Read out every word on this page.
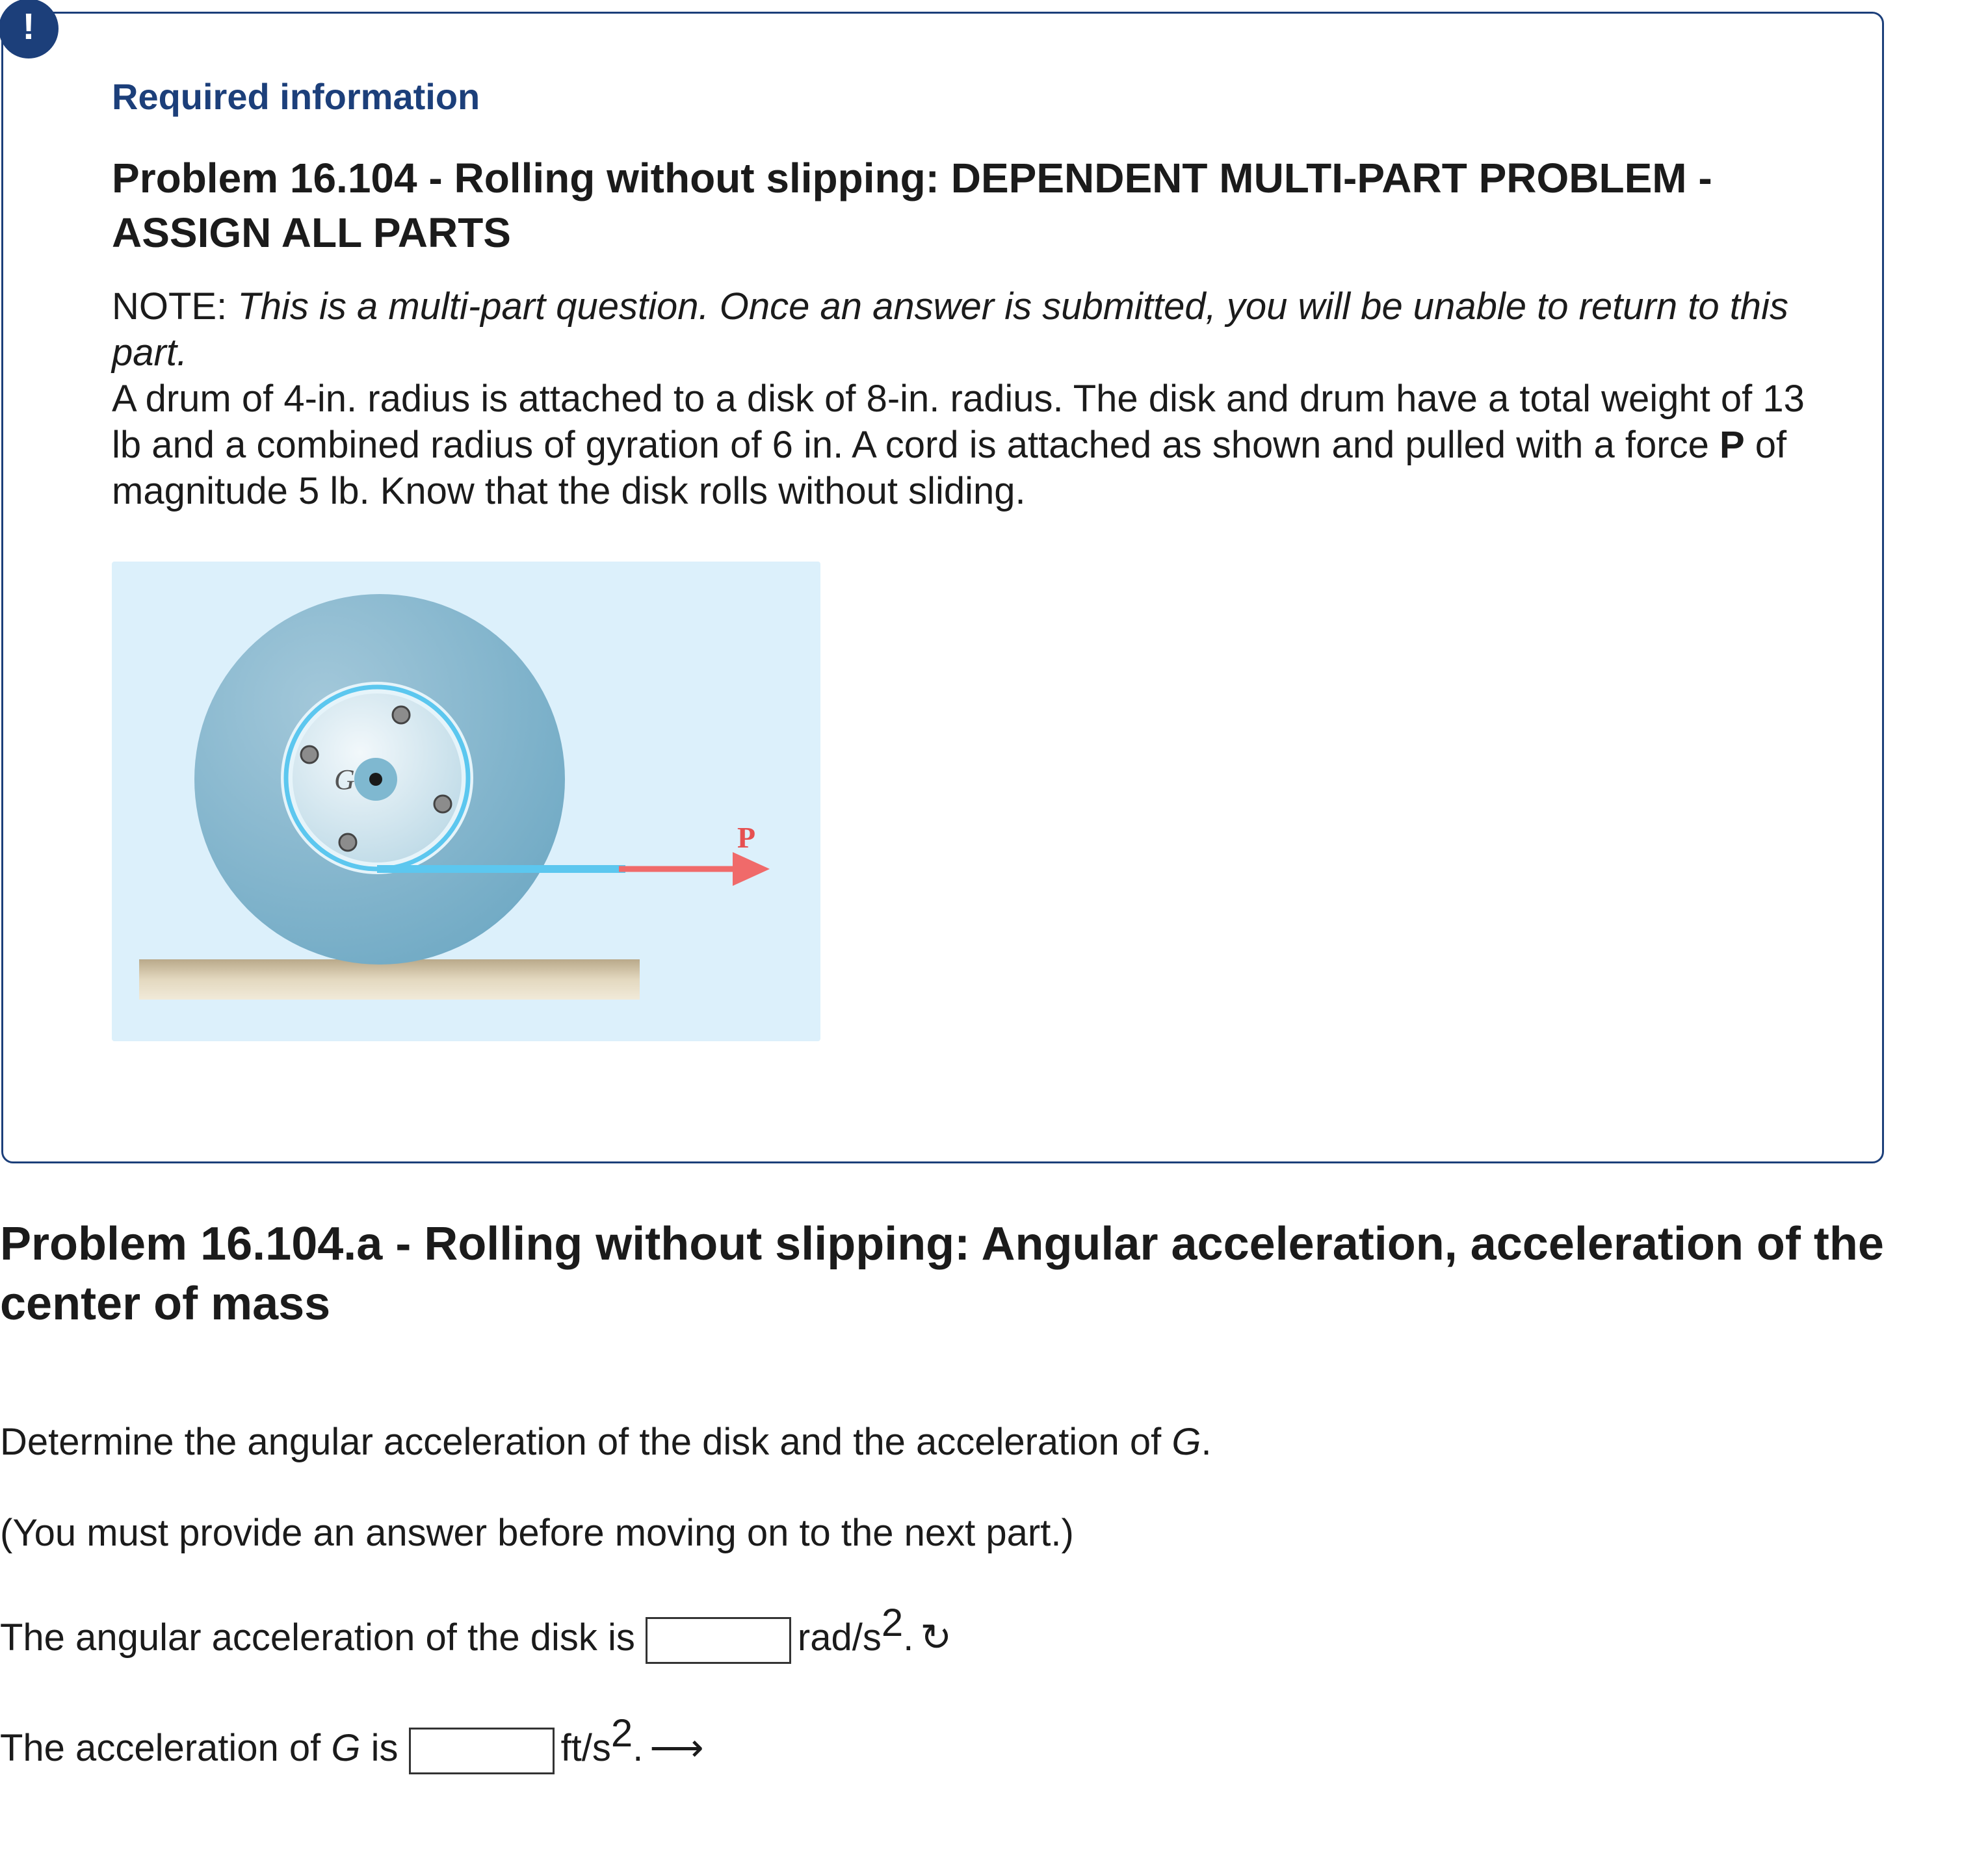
!
Required information
Problem 16.104 - Rolling without slipping: DEPENDENT MULTI-PART PROBLEM - ASSIGN ALL PARTS

NOTE: This is a multi-part question. Once an answer is submitted, you will be unable to return to this part.

A drum of 4-in. radius is attached to a disk of 8-in. radius. The disk and drum have a total weight of 13 lb and a combined radius of gyration of 6 in. A cord is attached as shown and pulled with a force P of magnitude 5 lb. Know that the disk rolls without sliding.

G
P
Problem 16.104.a - Rolling without slipping: Angular acceleration, acceleration of the center of mass

Determine the angular acceleration of the disk and the acceleration of G.

(You must provide an answer before moving on to the next part.)

The angular acceleration of the disk is	rad/$s^2$. ↻
The acceleration of G is	$ft/s^2$. ⟶
